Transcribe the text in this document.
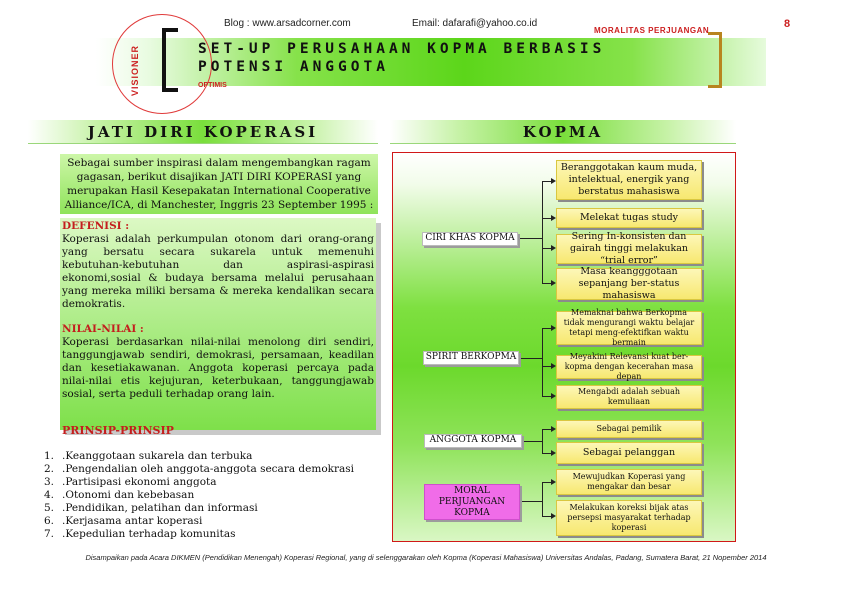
VISIONER
Blog : www.arsadcorner.com	Email: dafarafi@yahoo.co.id
MORALITAS PERJUANGAN
8
SET-UP PERUSAHAAN KOPMA BERBASIS
POTENSI ANGGOTA
OPTIMIS
JATI DIRI KOPERASI
Sebagai sumber inspirasi dalam mengembangkan ragam gagasan, berikut disajikan JATI DIRI KOPERASI yang merupakan Hasil Kesepakatan International Cooperative Alliance/ICA, di Manchester, Inggris 23 September 1995 :
DEFENISI :
Koperasi adalah perkumpulan otonom dari orang-orang yang bersatu secara sukarela untuk memenuhi kebutuhan-kebutuhan dan aspirasi-aspirasi ekonomi,sosial & budaya bersama melalui perusahaan yang mereka miliki bersama & mereka kendalikan secara demokratis.
NILAI-NILAI :
Koperasi berdasarkan nilai-nilai menolong diri sendiri, tanggungjawab sendiri, demokrasi, persamaan, keadilan dan kesetiakawanan. Anggota koperasi percaya pada nilai-nilai etis kejujuran, keterbukaan, tanggungjawab sosial, serta peduli terhadap orang lain.
PRINSIP-PRINSIP
1. .Keanggotaan sukarela dan terbuka
2. .Pengendalian oleh anggota-anggota secara demokrasi
3. .Partisipasi ekonomi anggota
4. .Otonomi dan kebebasan
5. .Pendidikan, pelatihan dan informasi
6. .Kerjasama antar koperasi
7. .Kepedulian terhadap komunitas
KOPMA
CIRI KHAS KOPMA
SPIRIT BERKOPMA
ANGGOTA KOPMA
MORAL PERJUANGAN KOPMA
Beranggotakan kaum muda, intelektual, energik yang berstatus mahasiswa
Melekat tugas study
Sering In-konsisten dan gairah tinggi melakukan “trial error”
Masa keangggotaan sepanjang ber-status mahasiswa
Memaknai bahwa Berkopma tidak mengurangi waktu belajar tetapi meng-efektifkan waktu bermain
Meyakini Relevansi kuat ber-kopma dengan kecerahan masa depan
Mengabdi adalah sebuah kemuliaan
Sebagai pemilik
Sebagai pelanggan
Mewujudkan Koperasi yang mengakar dan besar
Melakukan koreksi bijak atas persepsi masyarakat terhadap koperasi
Disampaikan pada Acara DIKMEN (Pendidikan Menengah) Koperasi Regional, yang di selenggarakan oleh Kopma (Koperasi Mahasiswa) Universitas Andalas, Padang, Sumatera Barat, 21 Nopember 2014
